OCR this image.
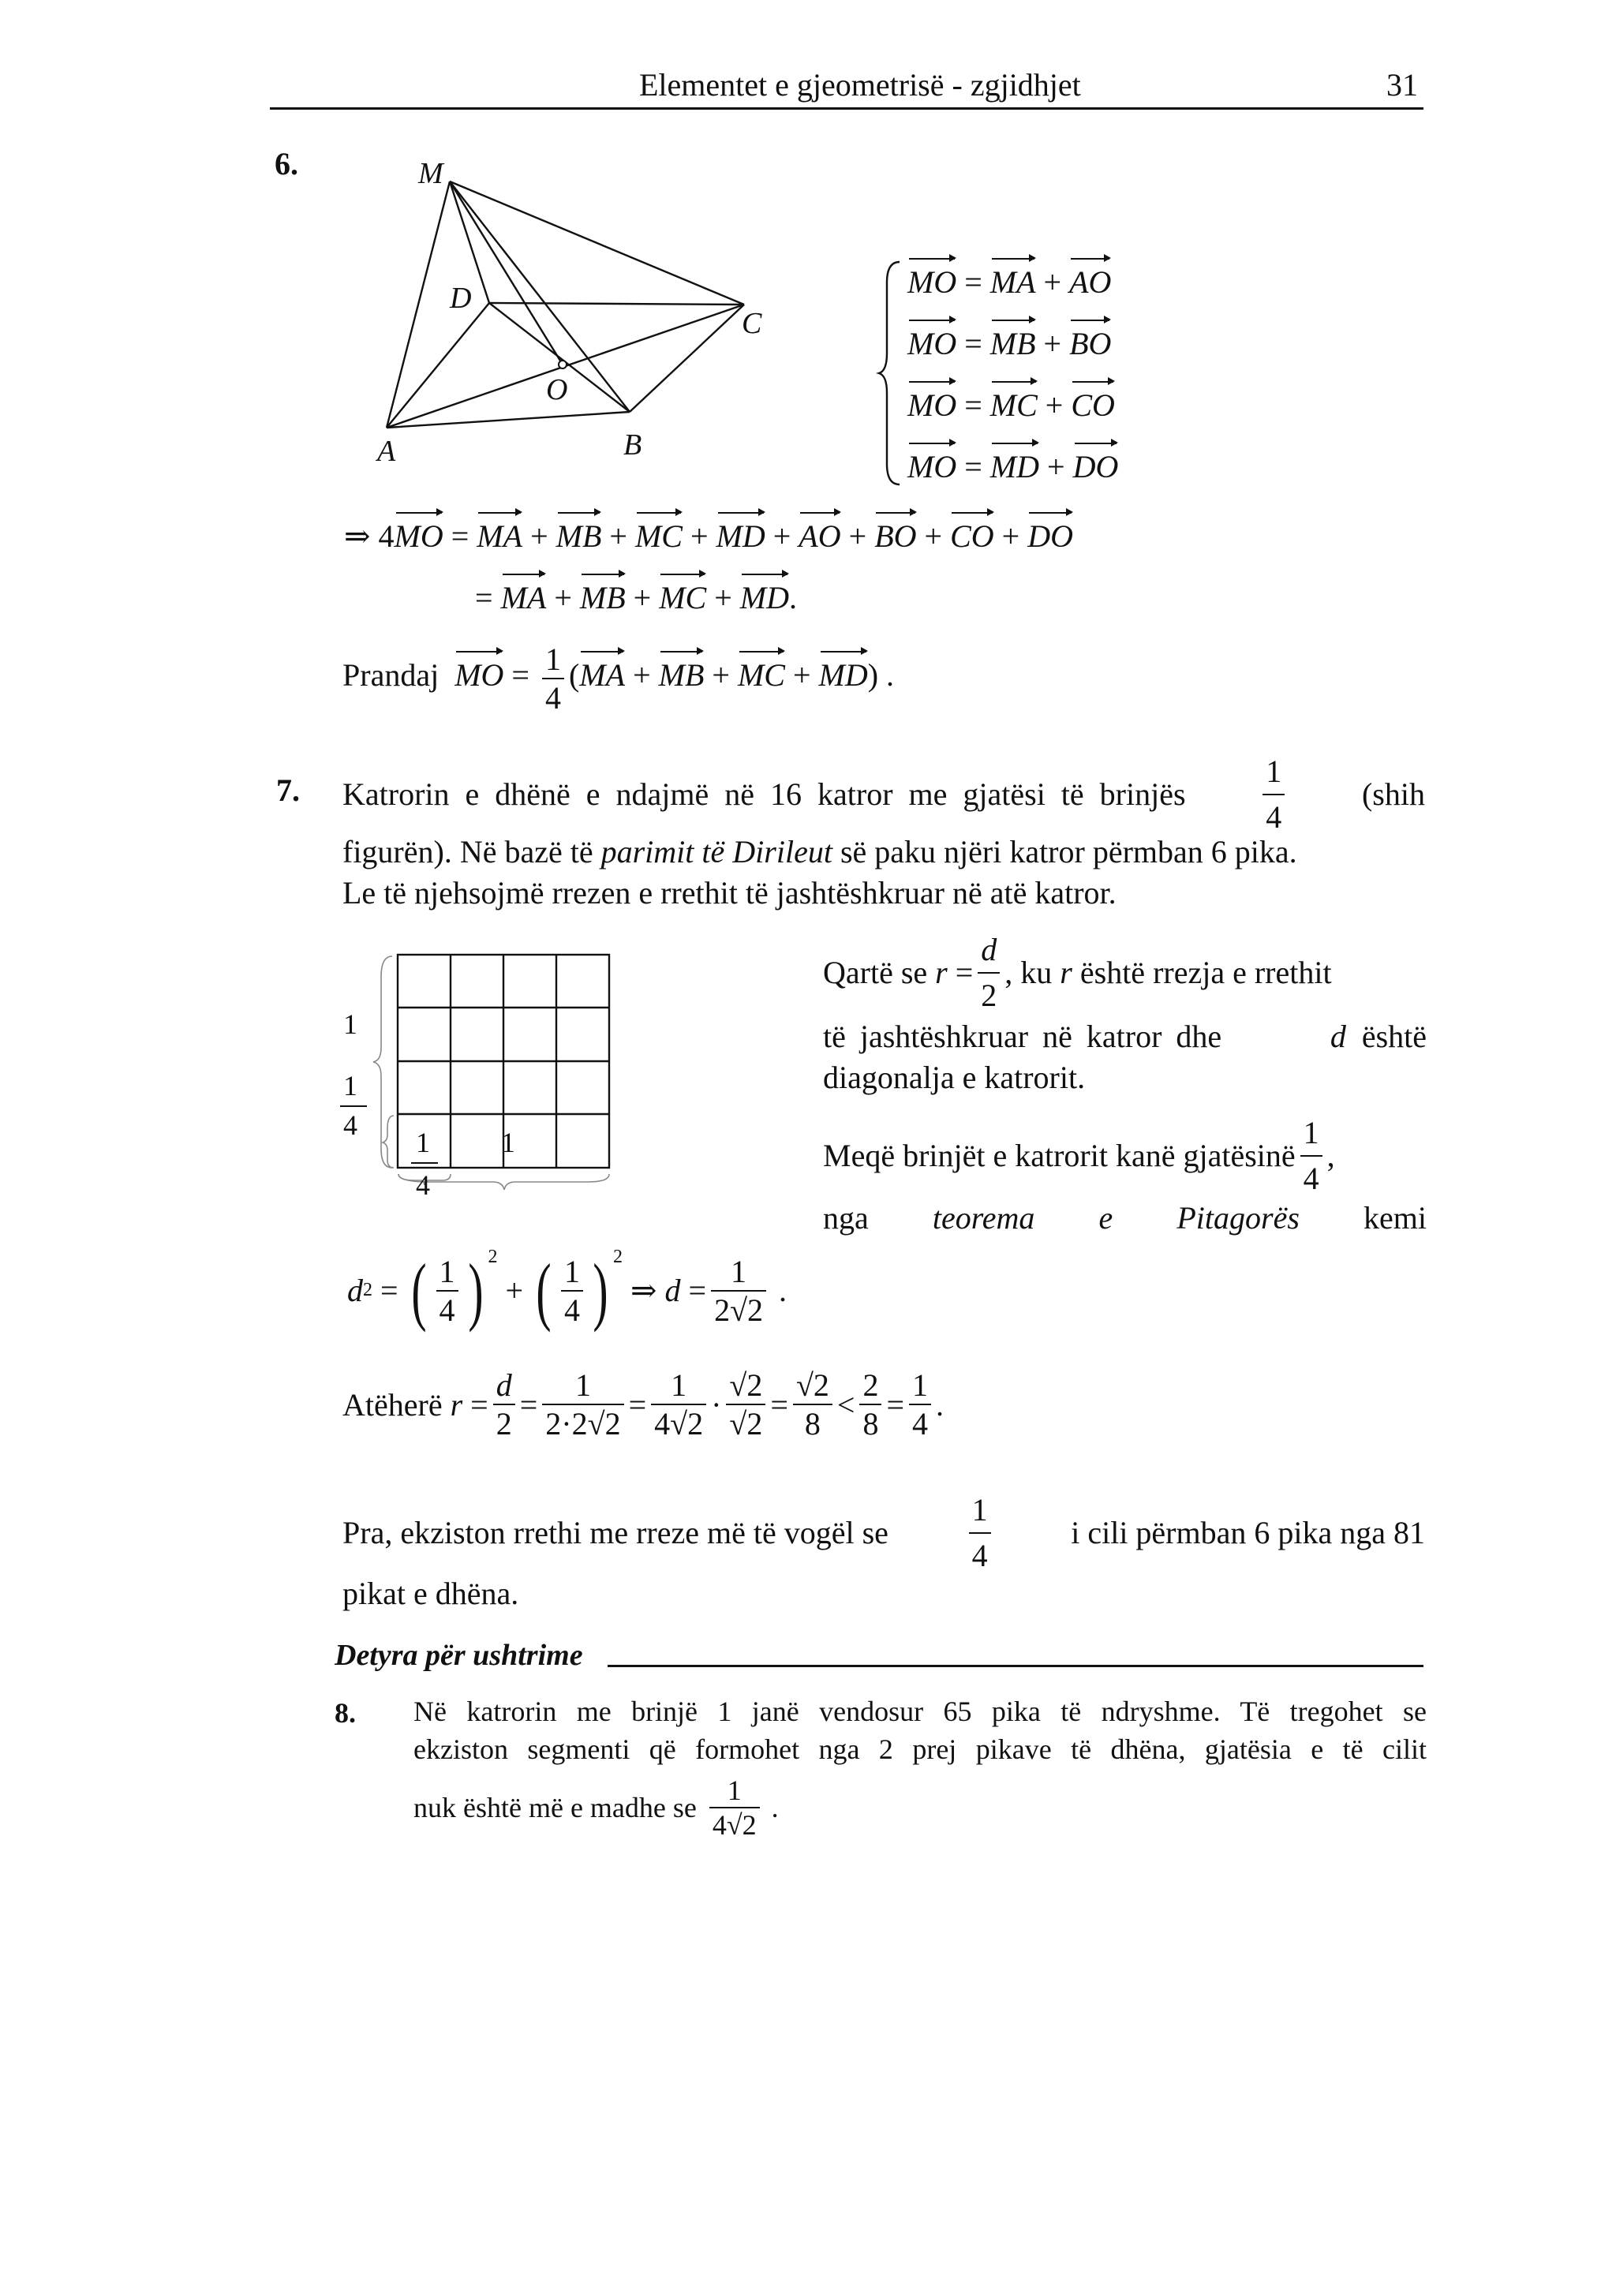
Elementet e gjeometrisë - zgjidhjet	31
6.	M
D
C
O
A	B
MO = MA + AO
MO = MB + BO
MO = MC + CO
MO = MD + DO
⇒ 4MO = MA + MB + MC + MD + AO + BO + CO + DO
= MA + MB + MC + MD.
Prandaj MO = $\frac{1}{4} (MA$ + MB + MC + MD) .
7. Katrorin e dhënë e ndajmë në 16 katror me gjatësi të brinjës $\frac{1}{4}$ (shih
figurën). Në bazë të parimit të Dirileut së paku njëri katror përmban 6 pika.
Le të njehsojmë rrezen e rrethit të jashtëshkruar në atë katror.
1
1
4
1
4
1
Qartë se
$r = \frac{d}{2}$ , ku
r
është rrezja e rrethit
të jashtëshkruar në katror dhe	d është
diagonalja e katrorit.
Meqë brinjët e katrorit kanë gjatësinë $\frac{1}{4}$ ,
nga teorema e Pitagorës kemi
d 2 = ( $\frac{1}{4}$ ) $^2$
+ ( $\frac{1}{4}$ ) $^2$
⇒ $d = \frac{1}{2√2}$ .
Atëherë
$r = \frac{d}{2} = \frac{1}{2\cdot 2√2} = \frac{1}{4√2} \cdot \frac{√2}{√2} = \frac{√2}{8} < \frac{2}{8} = \frac{1}{4}$ .
Pra, ekziston rrethi me rreze më të vogël se	$\frac{1}{4}$	i cili përmban 6 pika nga 81
pikat e dhëna.
Detyra për ushtrime
8. Në katrorin me brinjë 1 janë vendosur 65 pika të ndryshme. Të tregohet se
ekziston segmenti që formohet nga 2 prej pikave të dhëna, gjatësia e të cilit
nuk është më e madhe se $\frac{1}{4√2}$ .
